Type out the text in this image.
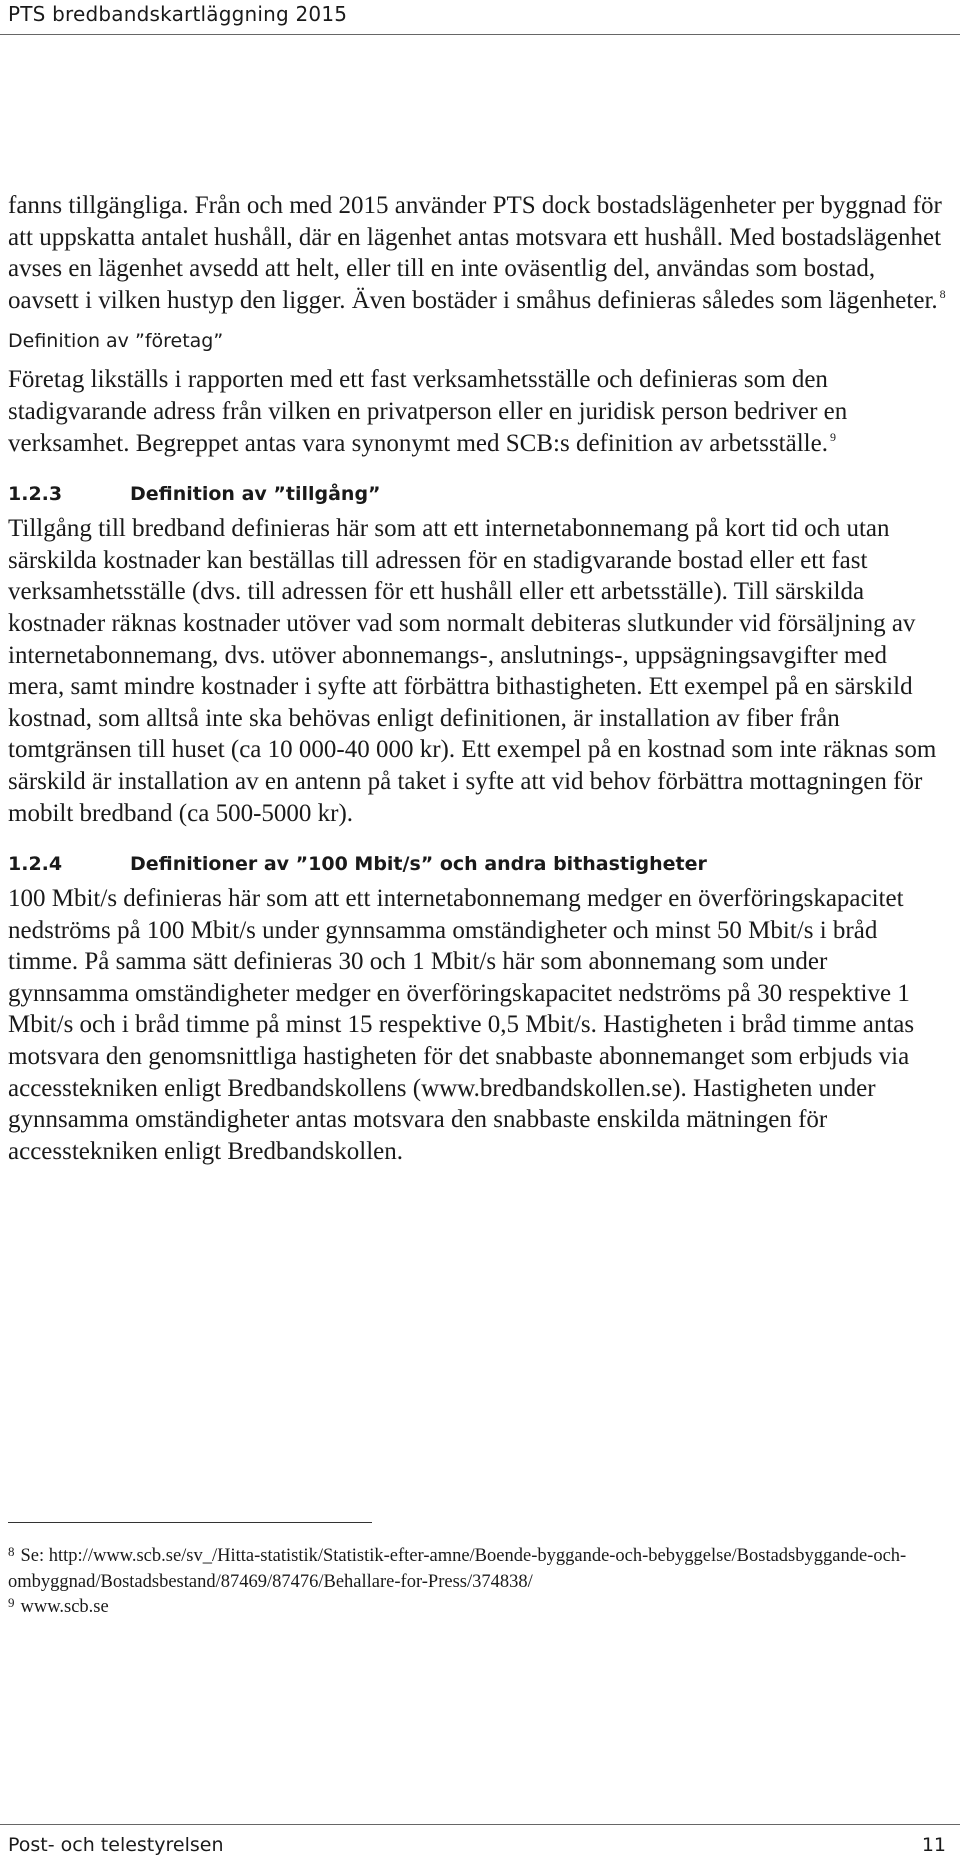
PTS bredbandskartläggning 2015

fanns tillgängliga. Från och med 2015 använder PTS dock bostadslägenheter per byggnad för att uppskatta antalet hushåll, där en lägenhet antas motsvara ett hushåll. Med bostadslägenhet avses en lägenhet avsedd att helt, eller till en inte oväsentlig del, användas som bostad, oavsett i vilken hustyp den ligger. Även bostäder i småhus definieras således som lägenheter. $^8$

Definition av ”företag”

Företag likställs i rapporten med ett fast verksamhetsställe och definieras som den stadigvarande adress från vilken en privatperson eller en juridisk person bedriver en verksamhet. Begreppet antas vara synonymt med SCB:s definition av arbetsställe. $^9$

1.2.3	Definition av ”tillgång”

Tillgång till bredband definieras här som att ett internetabonnemang på kort tid och utan särskilda kostnader kan beställas till adressen för en stadigvarande bostad eller ett fast verksamhetsställe (dvs. till adressen för ett hushåll eller ett arbetsställe). Till särskilda kostnader räknas kostnader utöver vad som normalt debiteras slutkunder vid försäljning av internetabonnemang, dvs. utöver abonnemangs-, anslutnings-, uppsägningsavgifter med mera, samt mindre kostnader i syfte att förbättra bithastigheten. Ett exempel på en särskild kostnad, som alltså inte ska behövas enligt definitionen, är installation av fiber från tomtgränsen till huset (ca 10 000-40 000 kr). Ett exempel på en kostnad som inte räknas som särskild är installation av en antenn på taket i syfte att vid behov förbättra mottagningen för mobilt bredband (ca 500-5000 kr).

1.2.4	Definitioner av ”100 Mbit/s” och andra bithastigheter

100 Mbit/s definieras här som att ett internetabonnemang medger en överföringskapacitet nedströms på 100 Mbit/s under gynnsamma omständigheter och minst 50 Mbit/s i bråd timme. På samma sätt definieras 30 och 1 Mbit/s här som abonnemang som under gynnsamma omständigheter medger en överföringskapacitet nedströms på 30 respektive 1 Mbit/s och i bråd timme på minst 15 respektive 0,5 Mbit/s. Hastigheten i bråd timme antas motsvara den genomsnittliga hastigheten för det snabbaste abonnemanget som erbjuds via accesstekniken enligt Bredbandskollens (www.bredbandskollen.se). Hastigheten under gynnsamma omständigheter antas motsvara den snabbaste enskilda mätningen för accesstekniken enligt Bredbandskollen.

$^8$ Se: http://www.scb.se/sv_/Hitta-statistik/Statistik-efter-amne/Boende-byggande-och-bebyggelse/Bostadsbyggande-och-ombyggnad/Bostadsbestand/87469/87476/Behallare-for-Press/374838/

$^9$ www.scb.se

Post- och telestyrelsen	11
